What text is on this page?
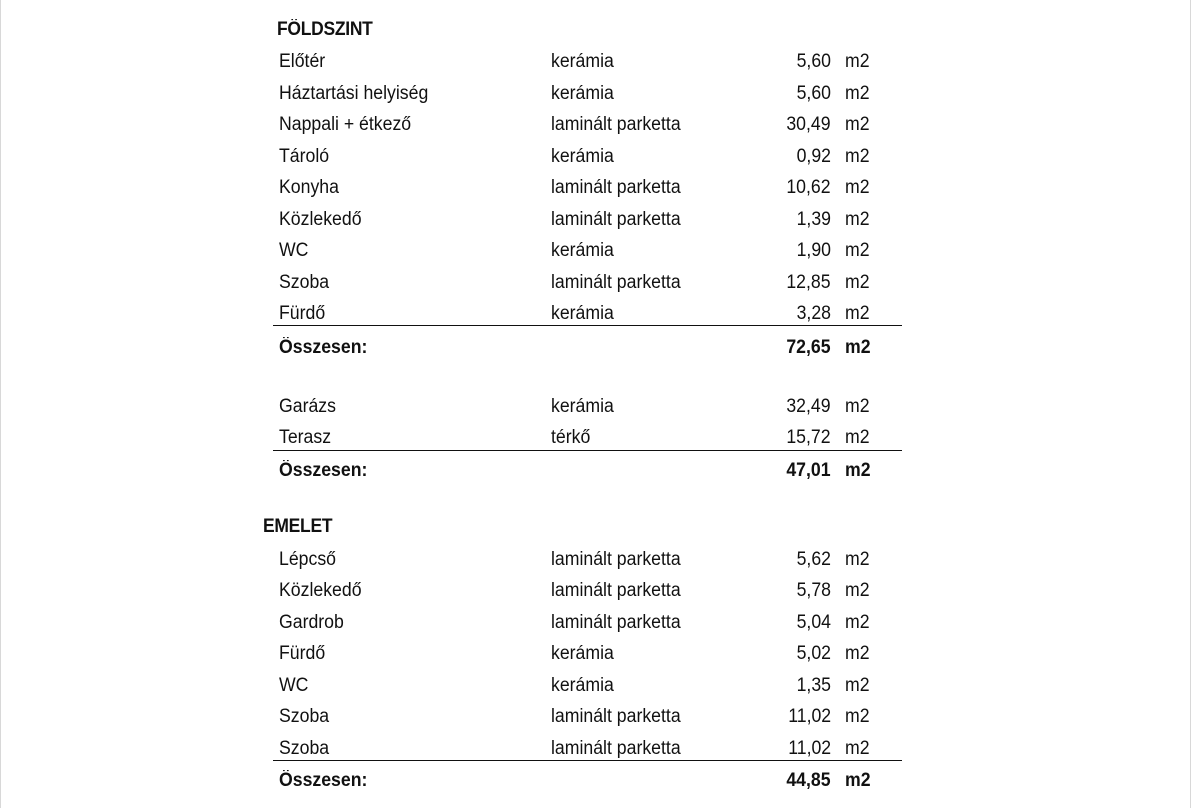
FÖLDSZINT
Előtér	kerámia	5,60 m2
Háztartási helyiség	kerámia	5,60 m2
Nappali + étkező	laminált parketta	30,49 m2
Tároló	kerámia	0,92 m2
Konyha	laminált parketta	10,62 m2
Közlekedő	laminált parketta	1,39 m2
WC	kerámia	1,90 m2
Szoba	laminált parketta	12,85 m2
Fürdő	kerámia	3,28 m2
Összesen:	72,65 m2
Garázs	kerámia	32,49 m2
Terasz	térkő	15,72 m2
Összesen:	47,01 m2
EMELET
Lépcső	laminált parketta	5,62 m2
Közlekedő	laminált parketta	5,78 m2
Gardrob	laminált parketta	5,04 m2
Fürdő	kerámia	5,02 m2
WC	kerámia	1,35 m2
Szoba	laminált parketta	11,02 m2
Szoba	laminált parketta	11,02 m2
Összesen:	44,85 m2
